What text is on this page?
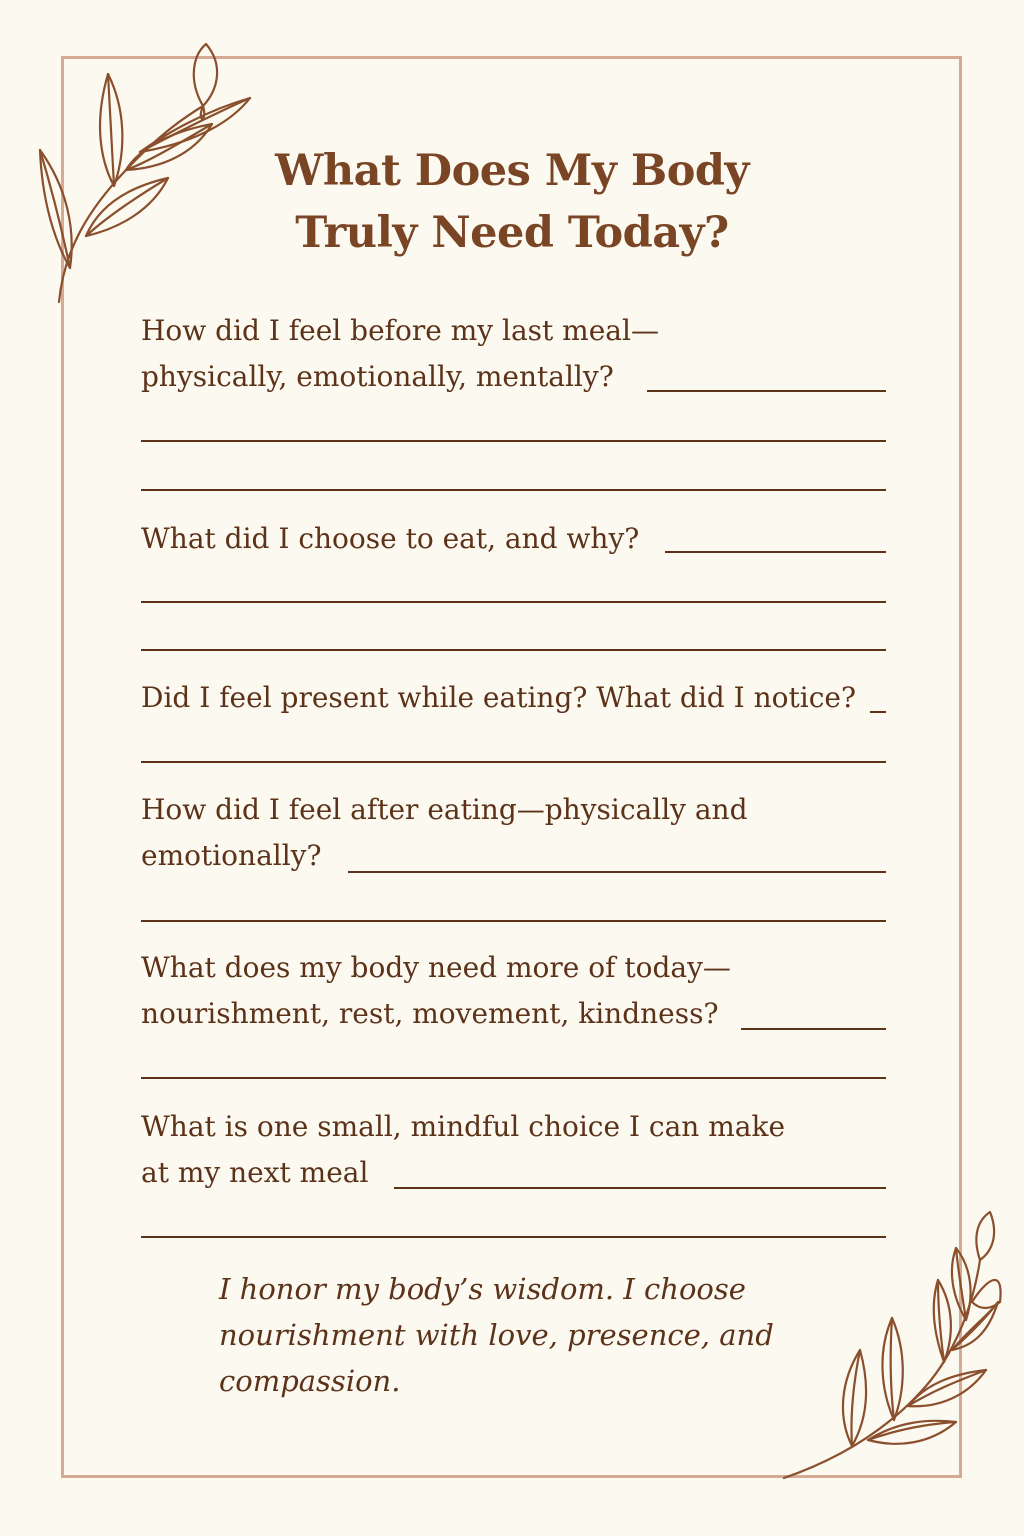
What Does My Body
Truly Need Today?
How did I feel before my last meal—
physically, emotionally, mentally?
What did I choose to eat, and why?
Did I feel present while eating? What did I notice?
How did I feel after eating—physically and
emotionally?
What does my body need more of today—
nourishment, rest, movement, kindness?
What is one small, mindful choice I can make
at my next meal
I honor my body’s wisdom. I choose
nourishment with love, presence, and
compassion.
